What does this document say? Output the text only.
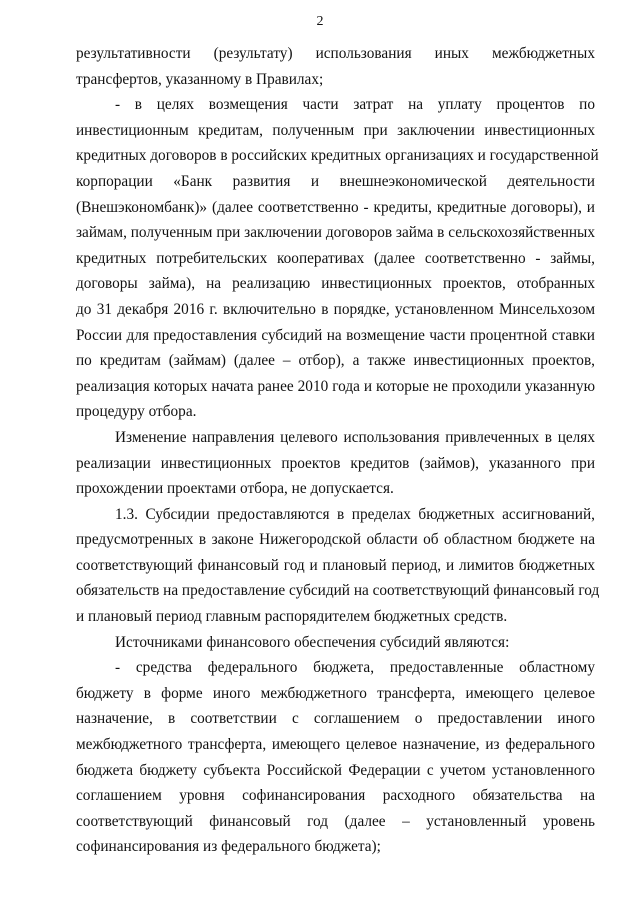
2
результативности (результату) использования иных межбюджетных
трансфертов, указанному в Правилах;
- в целях возмещения части затрат на уплату процентов по
инвестиционным кредитам, полученным при заключении инвестиционных
кредитных договоров в российских кредитных организациях и государственной
корпорации «Банк развития и внешнеэкономической деятельности
(Внешэкономбанк)» (далее соответственно - кредиты, кредитные договоры), и
займам, полученным при заключении договоров займа в сельскохозяйственных
кредитных потребительских кооперативах (далее соответственно - займы,
договоры займа), на реализацию инвестиционных проектов, отобранных
до 31 декабря 2016 г. включительно в порядке, установленном Минсельхозом
России для предоставления субсидий на возмещение части процентной ставки
по кредитам (займам) (далее – отбор), а также инвестиционных проектов,
реализация которых начата ранее 2010 года и которые не проходили указанную
процедуру отбора.
Изменение направления целевого использования привлеченных в целях
реализации инвестиционных проектов кредитов (займов), указанного при
прохождении проектами отбора, не допускается.
1.3. Субсидии предоставляются в пределах бюджетных ассигнований,
предусмотренных в законе Нижегородской области об областном бюджете на
соответствующий финансовый год и плановый период, и лимитов бюджетных
обязательств на предоставление субсидий на соответствующий финансовый год
и плановый период главным распорядителем бюджетных средств.
Источниками финансового обеспечения субсидий являются:
- средства федерального бюджета, предоставленные областному
бюджету в форме иного межбюджетного трансферта, имеющего целевое
назначение, в соответствии с соглашением о предоставлении иного
межбюджетного трансферта, имеющего целевое назначение, из федерального
бюджета бюджету субъекта Российской Федерации с учетом установленного
соглашением уровня софинансирования расходного обязательства на
соответствующий финансовый год (далее – установленный уровень
софинансирования из федерального бюджета);
